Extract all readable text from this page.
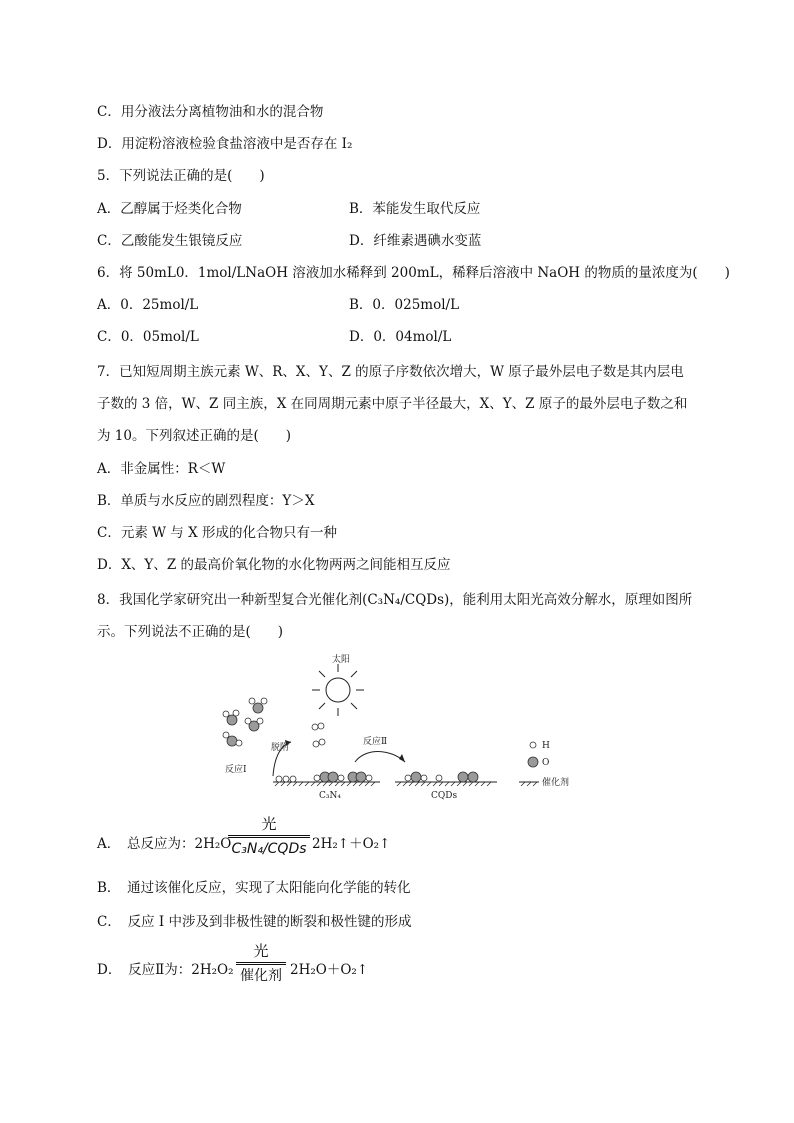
C．用分液法分离植物油和水的混合物
D．用淀粉溶液检验食盐溶液中是否存在 I₂
5．下列说法正确的是(　　)
A．乙醇属于烃类化合物	B．苯能发生取代反应
C．乙酸能发生银镜反应	D．纤维素遇碘水变蓝
6．将 50mL0．1mol/LNaOH 溶液加水稀释到 200mL，稀释后溶液中 NaOH 的物质的量浓度为(　　)
A．0．25mol/L	B．0．025mol/L
C．0．05mol/L	D．0．04mol/L
7．已知短周期主族元素 W、R、X、Y、Z 的原子序数依次增大，W 原子最外层电子数是其内层电
子数的 3 倍，W、Z 同主族，X 在同周期元素中原子半径最大，X、Y、Z 原子的最外层电子数之和
为 10。下列叙述正确的是(　　)
A．非金属性：R＜W
B．单质与水反应的剧烈程度：Y＞X
C．元素 W 与 X 形成的化合物只有一种
D．X、Y、Z 的最高价氧化物的水化物两两之间能相互反应
8．我国化学家研究出一种新型复合光催化剂(C₃N₄/CQDs)，能利用太阳光高效分解水，原理如图所
示。下列说法不正确的是(　　)
太阳
脱附
反应Ⅰ
反应Ⅱ
C₃N₄	CQDs
H
O
催化剂
A．　总反应为：2H₂O
光
C₃N₄/CQDs 2H₂↑＋O₂↑
B．　通过该催化反应，实现了太阳能向化学能的转化
C．　反应 I 中涉及到非极性键的断裂和极性键的形成
D．　反应Ⅱ为：2H₂O₂
光
催化剂 2H₂O＋O₂↑
